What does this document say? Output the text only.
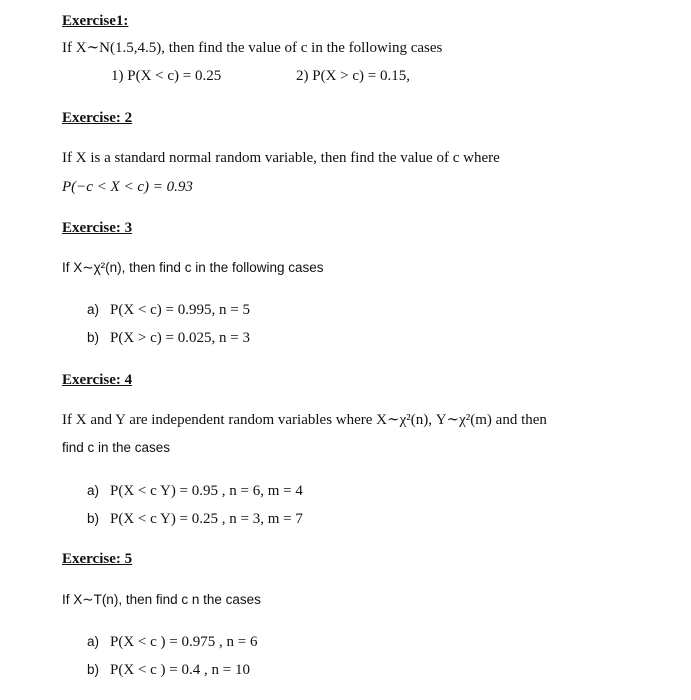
Exercise1:
If X∼N(1.5,4.5), then find the value of c in the following cases
1) P(X < c) = 0.25	2) P(X > c) = 0.15,
Exercise: 2
If X is a standard normal random variable, then find the value of c where
P(−c < X < c) = 0.93
Exercise: 3
If X∼χ²(n), then find c in the following cases
a) P(X < c) = 0.995, n = 5
b) P(X > c) = 0.025, n = 3
Exercise: 4
If X and Y are independent random variables where X∼χ²(n), Y∼χ²(m) and then
find c in the cases
a) P(X < c Y) = 0.95 , n = 6, m = 4
b) P(X < c Y) = 0.25 , n = 3, m = 7
Exercise: 5
If X∼T(n), then find c n the cases
a) P(X < c ) = 0.975 , n = 6
b) P(X < c ) = 0.4 , n = 10
